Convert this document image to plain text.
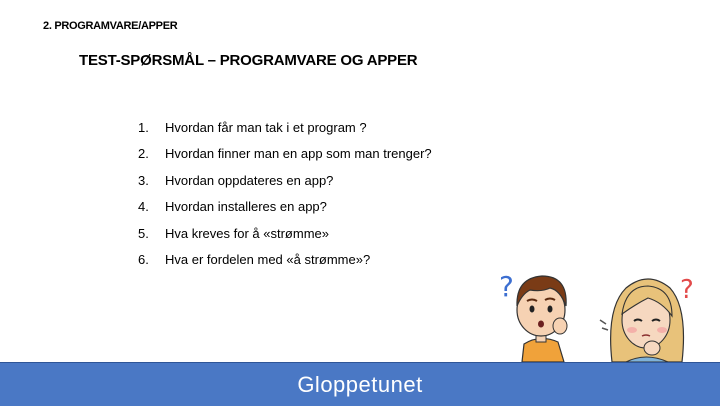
2. PROGRAMVARE/APPER
TEST-SPØRSMÅL – PROGRAMVARE OG APPER
1.	Hvordan får man tak i et program ?
2.	Hvordan finner man en app som man trenger?
3.	Hvordan oppdateres en app?
4.	Hvordan installeres en app?
5.	Hva kreves for å «strømme»
6.	Hva er fordelen med «å strømme»?
?	?
Gloppetunet
